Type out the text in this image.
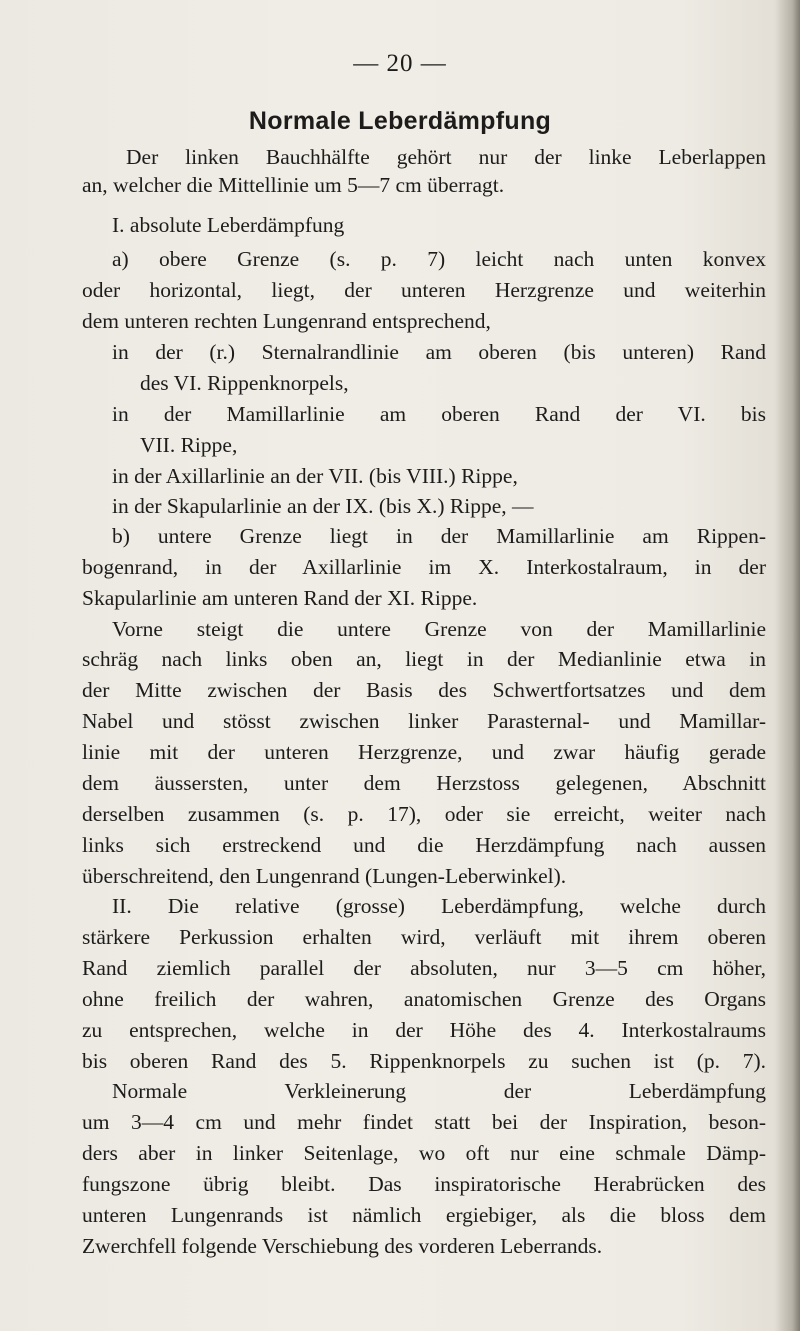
— 20 —
Normale Leberdämpfung
Der linken Bauchhälfte gehört nur der linke Leberlappen
an, welcher die Mittellinie um 5—7 cm überragt.
I. absolute Leberdämpfung
a) obere Grenze (s. p. 7) leicht nach unten konvex
oder horizontal, liegt, der unteren Herzgrenze und weiterhin
dem unteren rechten Lungenrand entsprechend,
in der (r.) Sternalrandlinie am oberen (bis unteren) Rand
des VI. Rippenknorpels,
in der Mamillarlinie am oberen Rand der VI. bis
VII. Rippe,
in der Axillarlinie an der VII. (bis VIII.) Rippe,
in der Skapularlinie an der IX. (bis X.) Rippe, —
b) untere Grenze liegt in der Mamillarlinie am Rippen-
bogenrand, in der Axillarlinie im X. Interkostalraum, in der
Skapularlinie am unteren Rand der XI. Rippe.
Vorne steigt die untere Grenze von der Mamillarlinie
schräg nach links oben an, liegt in der Medianlinie etwa in
der Mitte zwischen der Basis des Schwertfortsatzes und dem
Nabel und stösst zwischen linker Parasternal- und Mamillar-
linie mit der unteren Herzgrenze, und zwar häufig gerade
dem äussersten, unter dem Herzstoss gelegenen, Abschnitt
derselben zusammen (s. p. 17), oder sie erreicht, weiter nach
links sich erstreckend und die Herzdämpfung nach aussen
überschreitend, den Lungenrand (Lungen-Leberwinkel).
II. Die relative (grosse) Leberdämpfung, welche durch
stärkere Perkussion erhalten wird, verläuft mit ihrem oberen
Rand ziemlich parallel der absoluten, nur 3—5 cm höher,
ohne freilich der wahren, anatomischen Grenze des Organs
zu entsprechen, welche in der Höhe des 4. Interkostalraums
bis oberen Rand des 5. Rippenknorpels zu suchen ist (p. 7).
Normale Verkleinerung der Leberdämpfung
um 3—4 cm und mehr findet statt bei der Inspiration, beson-
ders aber in linker Seitenlage, wo oft nur eine schmale Dämp-
fungszone übrig bleibt. Das inspiratorische Herabrücken des
unteren Lungenrands ist nämlich ergiebiger, als die bloss dem
Zwerchfell folgende Verschiebung des vorderen Leberrands.
